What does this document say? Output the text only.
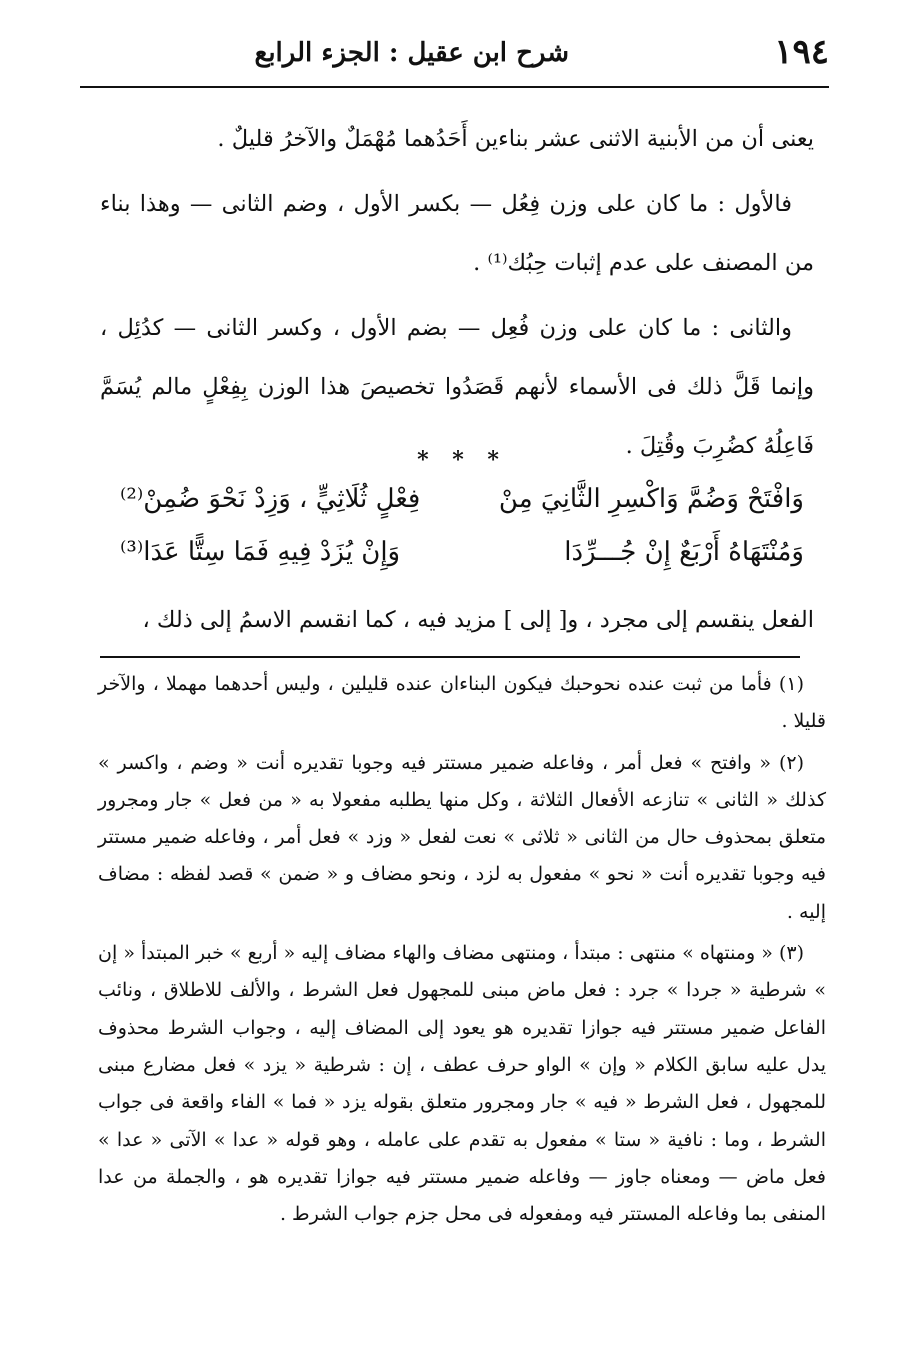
١٩٤
شرح ابن عقيل : الجزء الرابع

يعنى أن من الأبنية الاثنى عشر بناءين أَحَدُهما مُهْمَلٌ والآخرُ قليلٌ .

فالأول : ما كان على وزن فِعُل — بكسر الأول ، وضم الثانى — وهذا بناء من المصنف على عدم إثبات حِبُك⁽¹⁾ .

والثانى : ما كان على وزن فُعِل — بضم الأول ، وكسر الثانى — كدُئِل ، وإنما قَلَّ ذلك فى الأسماء لأنهم قَصَدُوا تخصيصَ هذا الوزن بِفِعْلٍ مالم يُسَمَّ فَاعِلُهُ كضُرِبَ وقُتِلَ .

* * *
وَافْتَحْ وَضُمَّ وَاكْسِرِ الثَّانِيَ مِنْ
فِعْلٍ ثُلَاثِيٍّ ، وَزِدْ نَحْوَ ضُمِنْ⁽²⁾
وَمُنْتَهَاهُ أَرْبَعٌ إِنْ جُـــرِّدَا
وَإِنْ يُزَدْ فِيهِ فَمَا سِتًّا عَدَا⁽³⁾
الفعل ينقسم إلى مجرد ، و[ إلى ] مزيد فيه ، كما انقسم الاسمُ إلى ذلك ،

(١) فأما من ثبت عنده نحوحبك فيكون البناءان عنده قليلين ، وليس أحدهما مهملا ، والآخر قليلا .

(٢) « وافتح » فعل أمر ، وفاعله ضمير مستتر فيه وجوبا تقديره أنت « وضم ، واكسر » كذلك « الثانى » تنازعه الأفعال الثلاثة ، وكل منها يطلبه مفعولا به « من فعل » جار ومجرور متعلق بمحذوف حال من الثانى « ثلاثى » نعت لفعل « وزد » فعل أمر ، وفاعله ضمير مستتر فيه وجوبا تقديره أنت « نحو » مفعول به لزد ، ونحو مضاف و « ضمن » قصد لفظه : مضاف إليه .

(٣) « ومنتهاه » منتهى : مبتدأ ، ومنتهى مضاف والهاء مضاف إليه « أربع » خبر المبتدأ « إن » شرطية « جردا » جرد : فعل ماض مبنى للمجهول فعل الشرط ، والألف للاطلاق ، ونائب الفاعل ضمير مستتر فيه جوازا تقديره هو يعود إلى المضاف إليه ، وجواب الشرط محذوف يدل عليه سابق الكلام « وإن » الواو حرف عطف ، إن : شرطية « يزد » فعل مضارع مبنى للمجهول ، فعل الشرط « فيه » جار ومجرور متعلق بقوله يزد « فما » الفاء واقعة فى جواب الشرط ، وما : نافية « ستا » مفعول به تقدم على عامله ، وهو قوله « عدا » الآتى « عدا » فعل ماض — ومعناه جاوز — وفاعله ضمير مستتر فيه جوازا تقديره هو ، والجملة من عدا المنفى بما وفاعله المستتر فيه ومفعوله فى محل جزم جواب الشرط .
